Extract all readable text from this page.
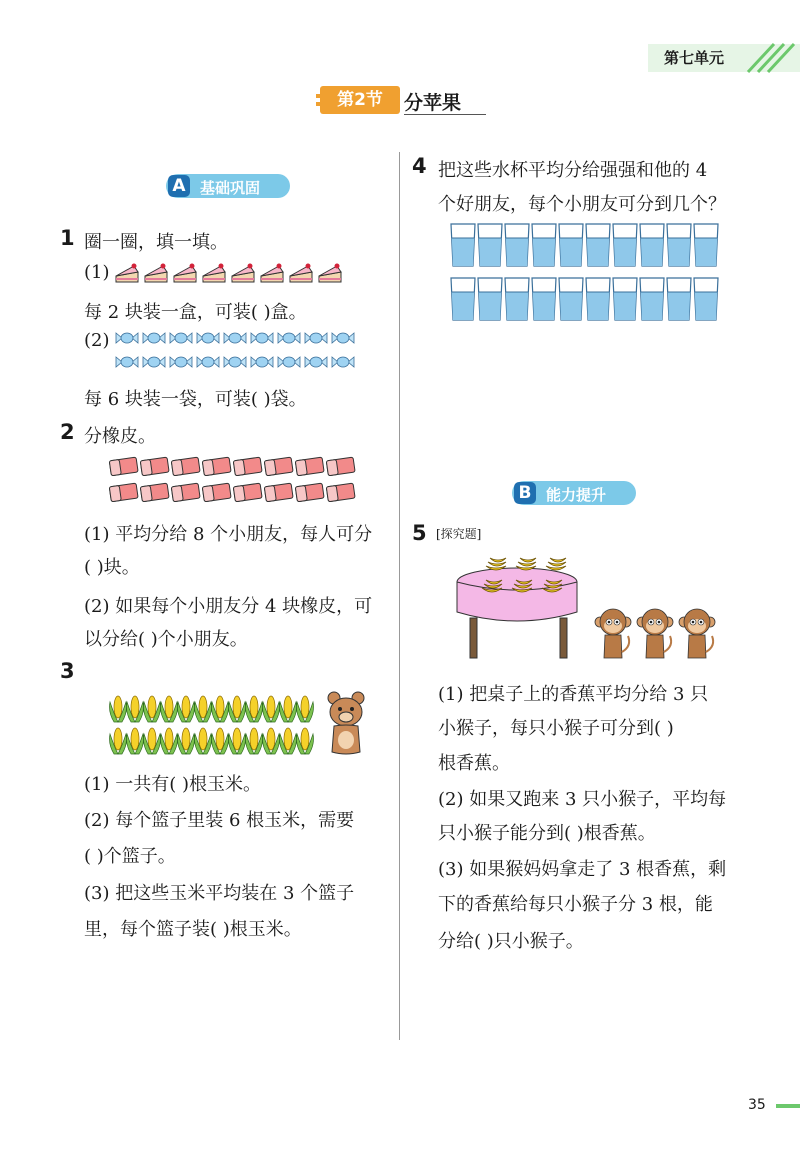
第七单元
第2节	分苹果
A 基础巩固
1 圈一圈，填一填。
(1)
每 2 块装一盒，可装( )盒。
(2)
每 6 块装一袋，可装( )袋。
2 分橡皮。
(1) 平均分给 8 个小朋友，每人可分
( )块。
(2) 如果每个小朋友分 4 块橡皮，可
以分给( )个小朋友。
3
(1) 一共有( )根玉米。
(2) 每个篮子里装 6 根玉米，需要
( )个篮子。
(3) 把这些玉米平均装在 3 个篮子
里，每个篮子装( )根玉米。
4 把这些水杯平均分给强强和他的 4
个好朋友，每个小朋友可分到几个？
B 能力提升
5 [探究题]
(1) 把桌子上的香蕉平均分给 3 只
小猴子，每只小猴子可分到( )
根香蕉。
(2) 如果又跑来 3 只小猴子，平均每
只小猴子能分到( )根香蕉。
(3) 如果猴妈妈拿走了 3 根香蕉，剩
下的香蕉给每只小猴子分 3 根，能
分给( )只小猴子。
35
